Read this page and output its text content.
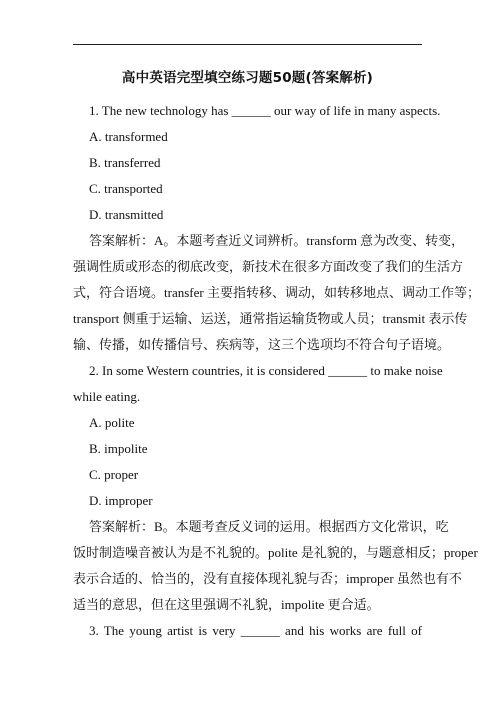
高中英语完型填空练习题50题(答案解析)
1. The new technology has ______ our way of life in many aspects.
A. transformed
B. transferred
C. transported
D. transmitted
答案解析：A。本题考查近义词辨析。transform 意为改变、转变，
强调性质或形态的彻底改变，新技术在很多方面改变了我们的生活方
式，符合语境。transfer 主要指转移、调动，如转移地点、调动工作等；
transport 侧重于运输、运送，通常指运输货物或人员；transmit 表示传
输、传播，如传播信号、疾病等，这三个选项均不符合句子语境。
2. In some Western countries, it is considered ______ to make noise
while eating.
A. polite
B. impolite
C. proper
D. improper
答案解析：B。本题考查反义词的运用。根据西方文化常识，吃
饭时制造噪音被认为是不礼貌的。polite 是礼貌的，与题意相反；proper
表示合适的、恰当的，没有直接体现礼貌与否；improper 虽然也有不
适当的意思，但在这里强调不礼貌，impolite 更合适。
3. The young artist is very ______ and his works are full of
